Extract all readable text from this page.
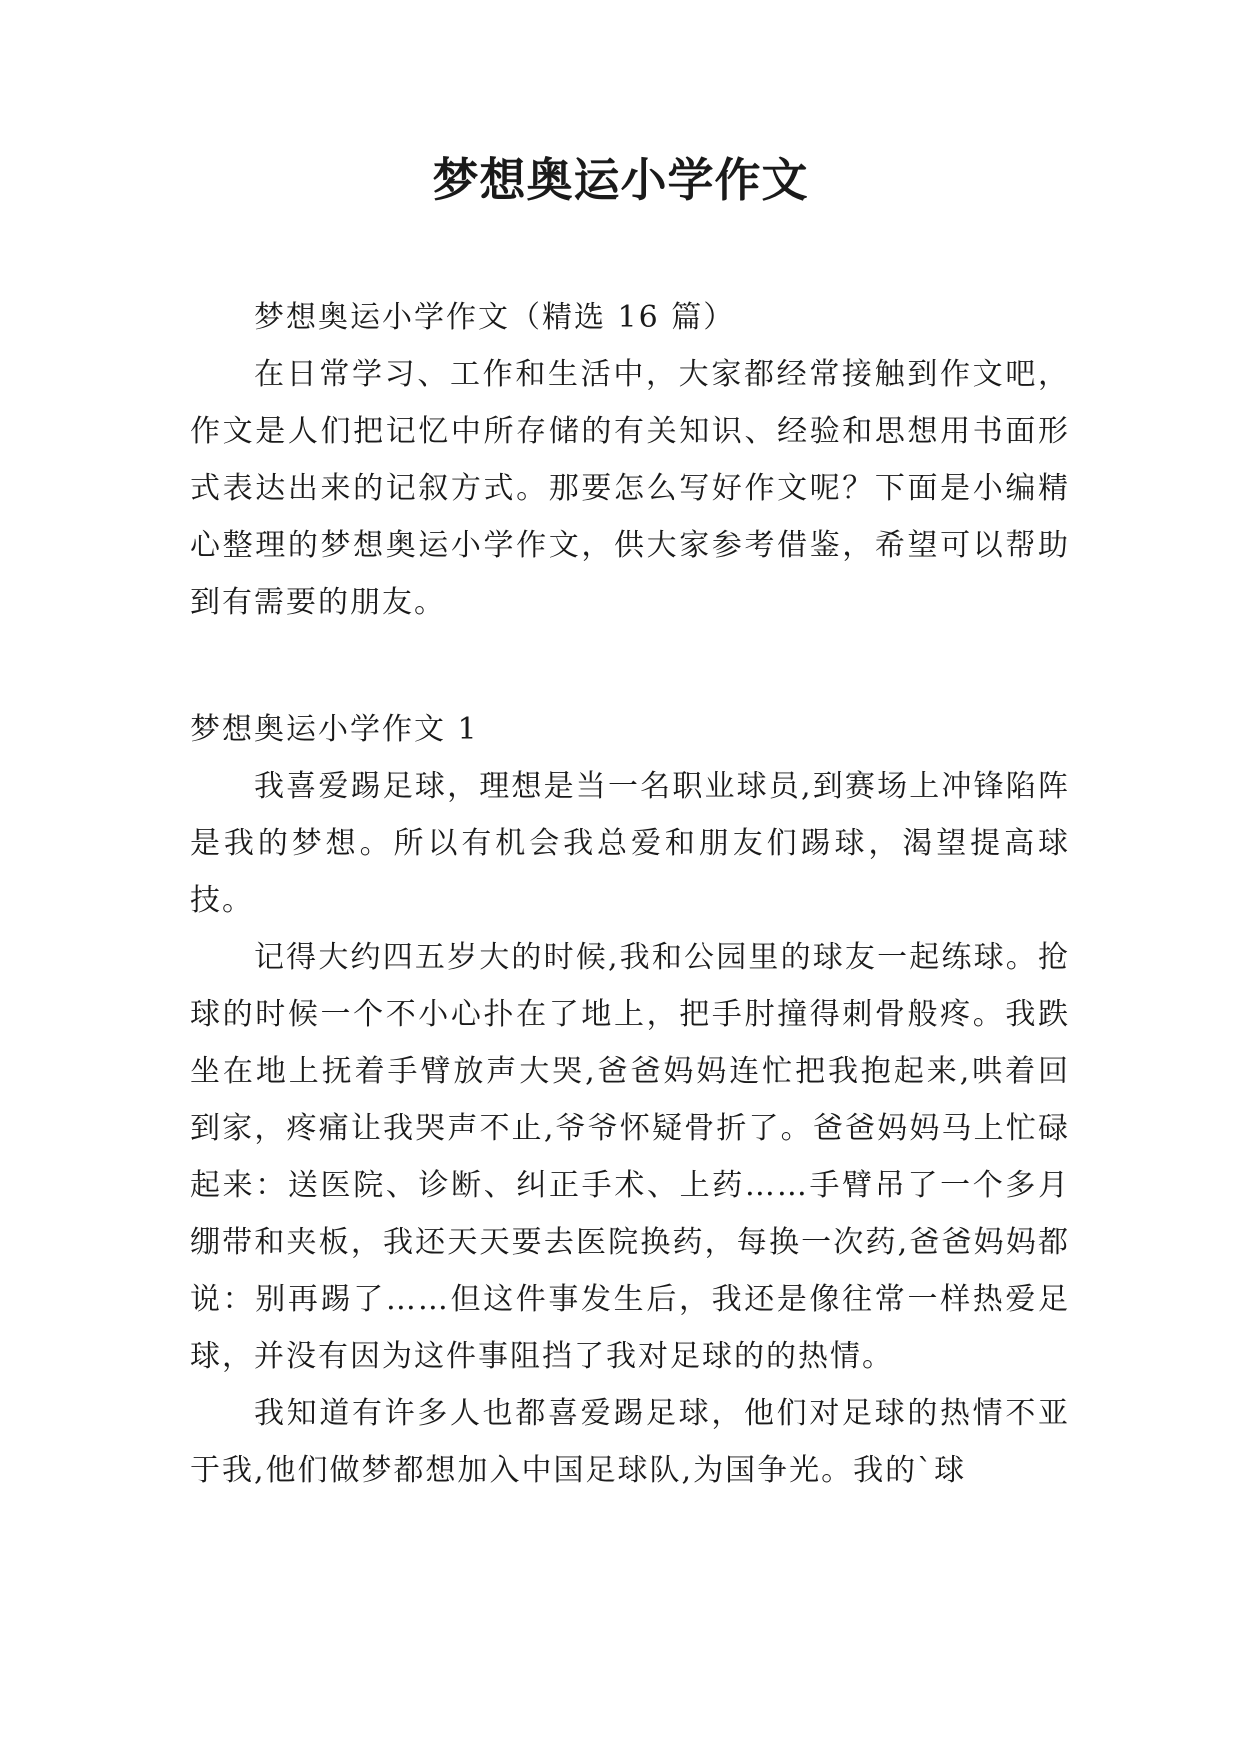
梦想奥运小学作文
梦想奥运小学作文（精选 16 篇）

在日常学习、工作和生活中，大家都经常接触到作文吧，作文是人们把记忆中所存储的有关知识、经验和思想用书面形式表达出来的记叙方式。那要怎么写好作文呢？下面是小编精心整理的梦想奥运小学作文，供大家参考借鉴，希望可以帮助到有需要的朋友。

梦想奥运小学作文 1

我喜爱踢足球，理想是当一名职业球员,到赛场上冲锋陷阵是我的梦想。所以有机会我总爱和朋友们踢球，渴望提高球技。

记得大约四五岁大的时候,我和公园里的球友一起练球。抢球的时候一个不小心扑在了地上，把手肘撞得刺骨般疼。我跌坐在地上抚着手臂放声大哭,爸爸妈妈连忙把我抱起来,哄着回到家，疼痛让我哭声不止,爷爷怀疑骨折了。爸爸妈妈马上忙碌起来：送医院、诊断、纠正手术、上药……手臂吊了一个多月绷带和夹板，我还天天要去医院换药，每换一次药,爸爸妈妈都说：别再踢了……但这件事发生后，我还是像往常一样热爱足球，并没有因为这件事阻挡了我对足球的的热情。

我知道有许多人也都喜爱踢足球，他们对足球的热情不亚于我,他们做梦都想加入中国足球队,为国争光。我的`球
